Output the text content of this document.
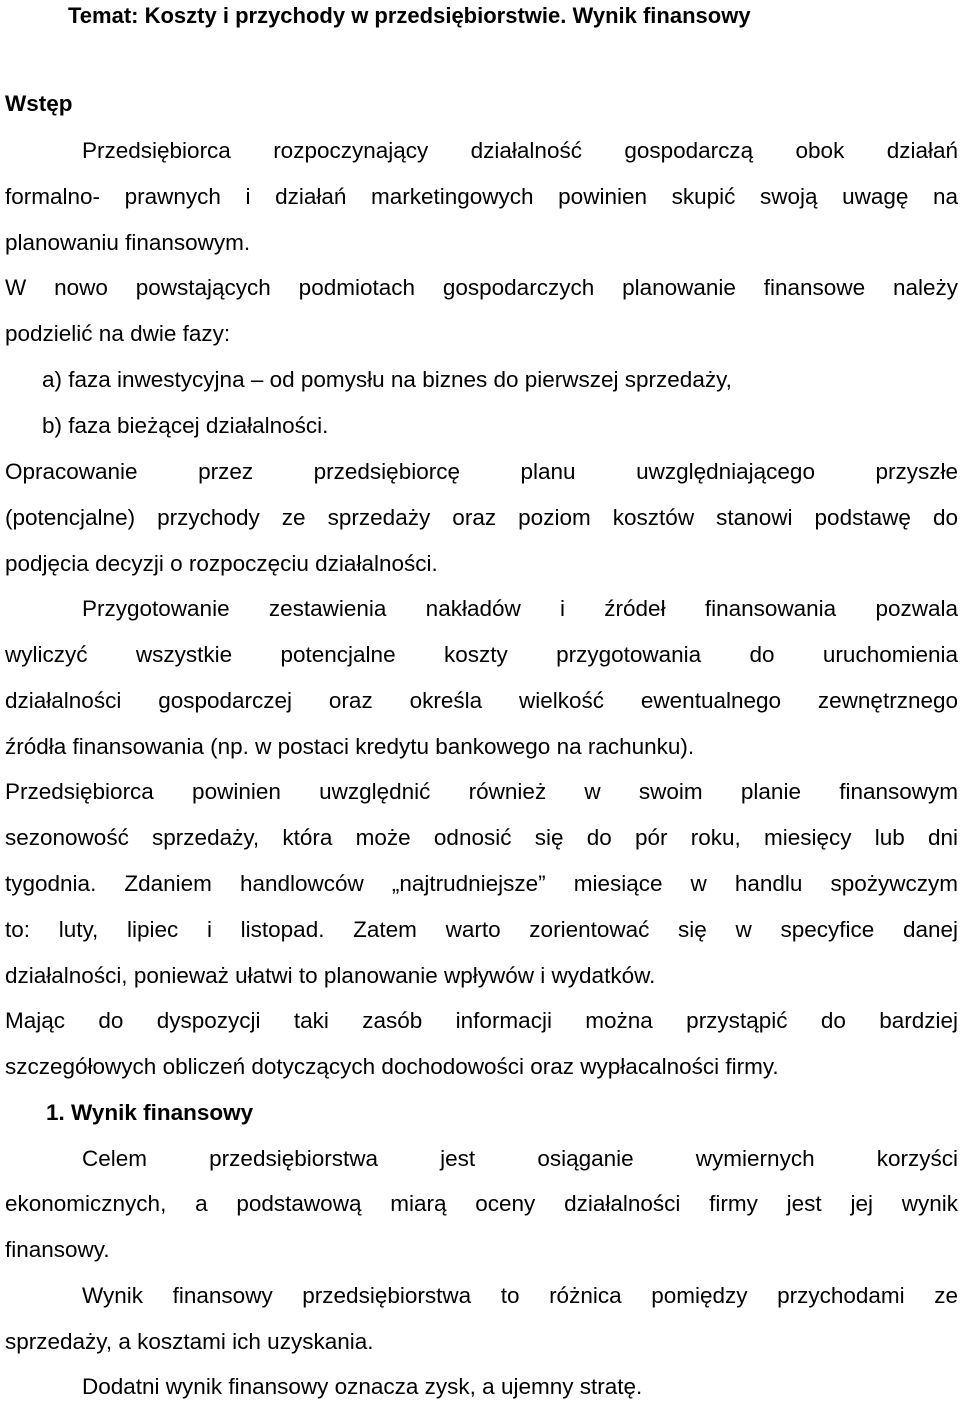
Temat: Koszty i przychody w przedsiębiorstwie. Wynik finansowy
Wstęp
Przedsiębiorca rozpoczynający działalność gospodarczą obok działań
formalno- prawnych i działań marketingowych powinien skupić swoją uwagę na
planowaniu finansowym.
W nowo powstających podmiotach gospodarczych planowanie finansowe należy
podzielić na dwie fazy:
a) faza inwestycyjna – od pomysłu na biznes do pierwszej sprzedaży,
b) faza bieżącej działalności.
Opracowanie przez przedsiębiorcę planu uwzględniającego przyszłe
(potencjalne) przychody ze sprzedaży oraz poziom kosztów stanowi podstawę do
podjęcia decyzji o rozpoczęciu działalności.
Przygotowanie zestawienia nakładów i źródeł finansowania pozwala
wyliczyć wszystkie potencjalne koszty przygotowania do uruchomienia
działalności gospodarczej oraz określa wielkość ewentualnego zewnętrznego
źródła finansowania (np. w postaci kredytu bankowego na rachunku).
Przedsiębiorca powinien uwzględnić również w swoim planie finansowym
sezonowość sprzedaży, która może odnosić się do pór roku, miesięcy lub dni
tygodnia. Zdaniem handlowców „najtrudniejsze” miesiące w handlu spożywczym
to: luty, lipiec i listopad. Zatem warto zorientować się w specyfice danej
działalności, ponieważ ułatwi to planowanie wpływów i wydatków.
Mając do dyspozycji taki zasób informacji można przystąpić do bardziej
szczegółowych obliczeń dotyczących dochodowości oraz wypłacalności firmy.
1. Wynik finansowy
Celem przedsiębiorstwa jest osiąganie wymiernych korzyści
ekonomicznych, a podstawową miarą oceny działalności firmy jest jej wynik
finansowy.
Wynik finansowy przedsiębiorstwa to różnica pomiędzy przychodami ze
sprzedaży, a kosztami ich uzyskania.
Dodatni wynik finansowy oznacza zysk, a ujemny stratę.
